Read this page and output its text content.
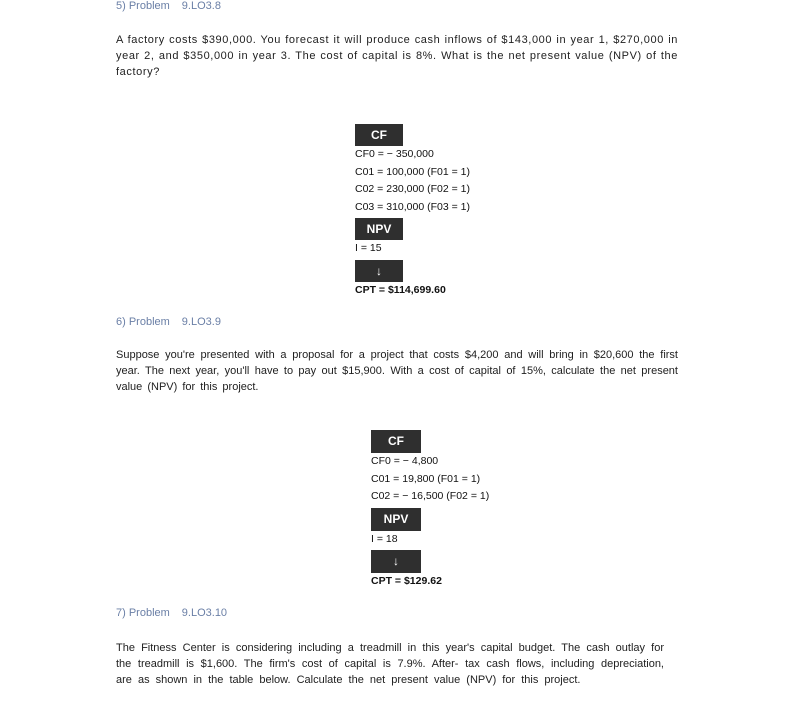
5) Problem 9.LO3.8
A factory costs $390,000. You forecast it will produce cash inflows of $143,000 in year 1, $270,000 in year 2, and $350,000 in year 3. The cost of capital is 8%. What is the net present value (NPV) of the factory?
CF
CF0 = − 350,000
C01 = 100,000 (F01 = 1)
C02 = 230,000 (F02 = 1)
C03 = 310,000 (F03 = 1)
NPV
I = 15
↓
CPT = $114,699.60
6) Problem 9.LO3.9
Suppose you're presented with a proposal for a project that costs $4,200 and will bring in $20,600 the first year. The next year, you'll have to pay out $15,900. With a cost of capital of 15%, calculate the net present value (NPV) for this project.
CF
CF0 = − 4,800
C01 = 19,800 (F01 = 1)
C02 = − 16,500 (F02 = 1)
NPV
I = 18
↓
CPT = $129.62
7) Problem 9.LO3.10
The Fitness Center is considering including a treadmill in this year's capital budget. The cash outlay for the treadmill is $1,600. The firm's cost of capital is 7.9%. After- tax cash flows, including depreciation, are as shown in the table below. Calculate the net present value (NPV) for this project.
